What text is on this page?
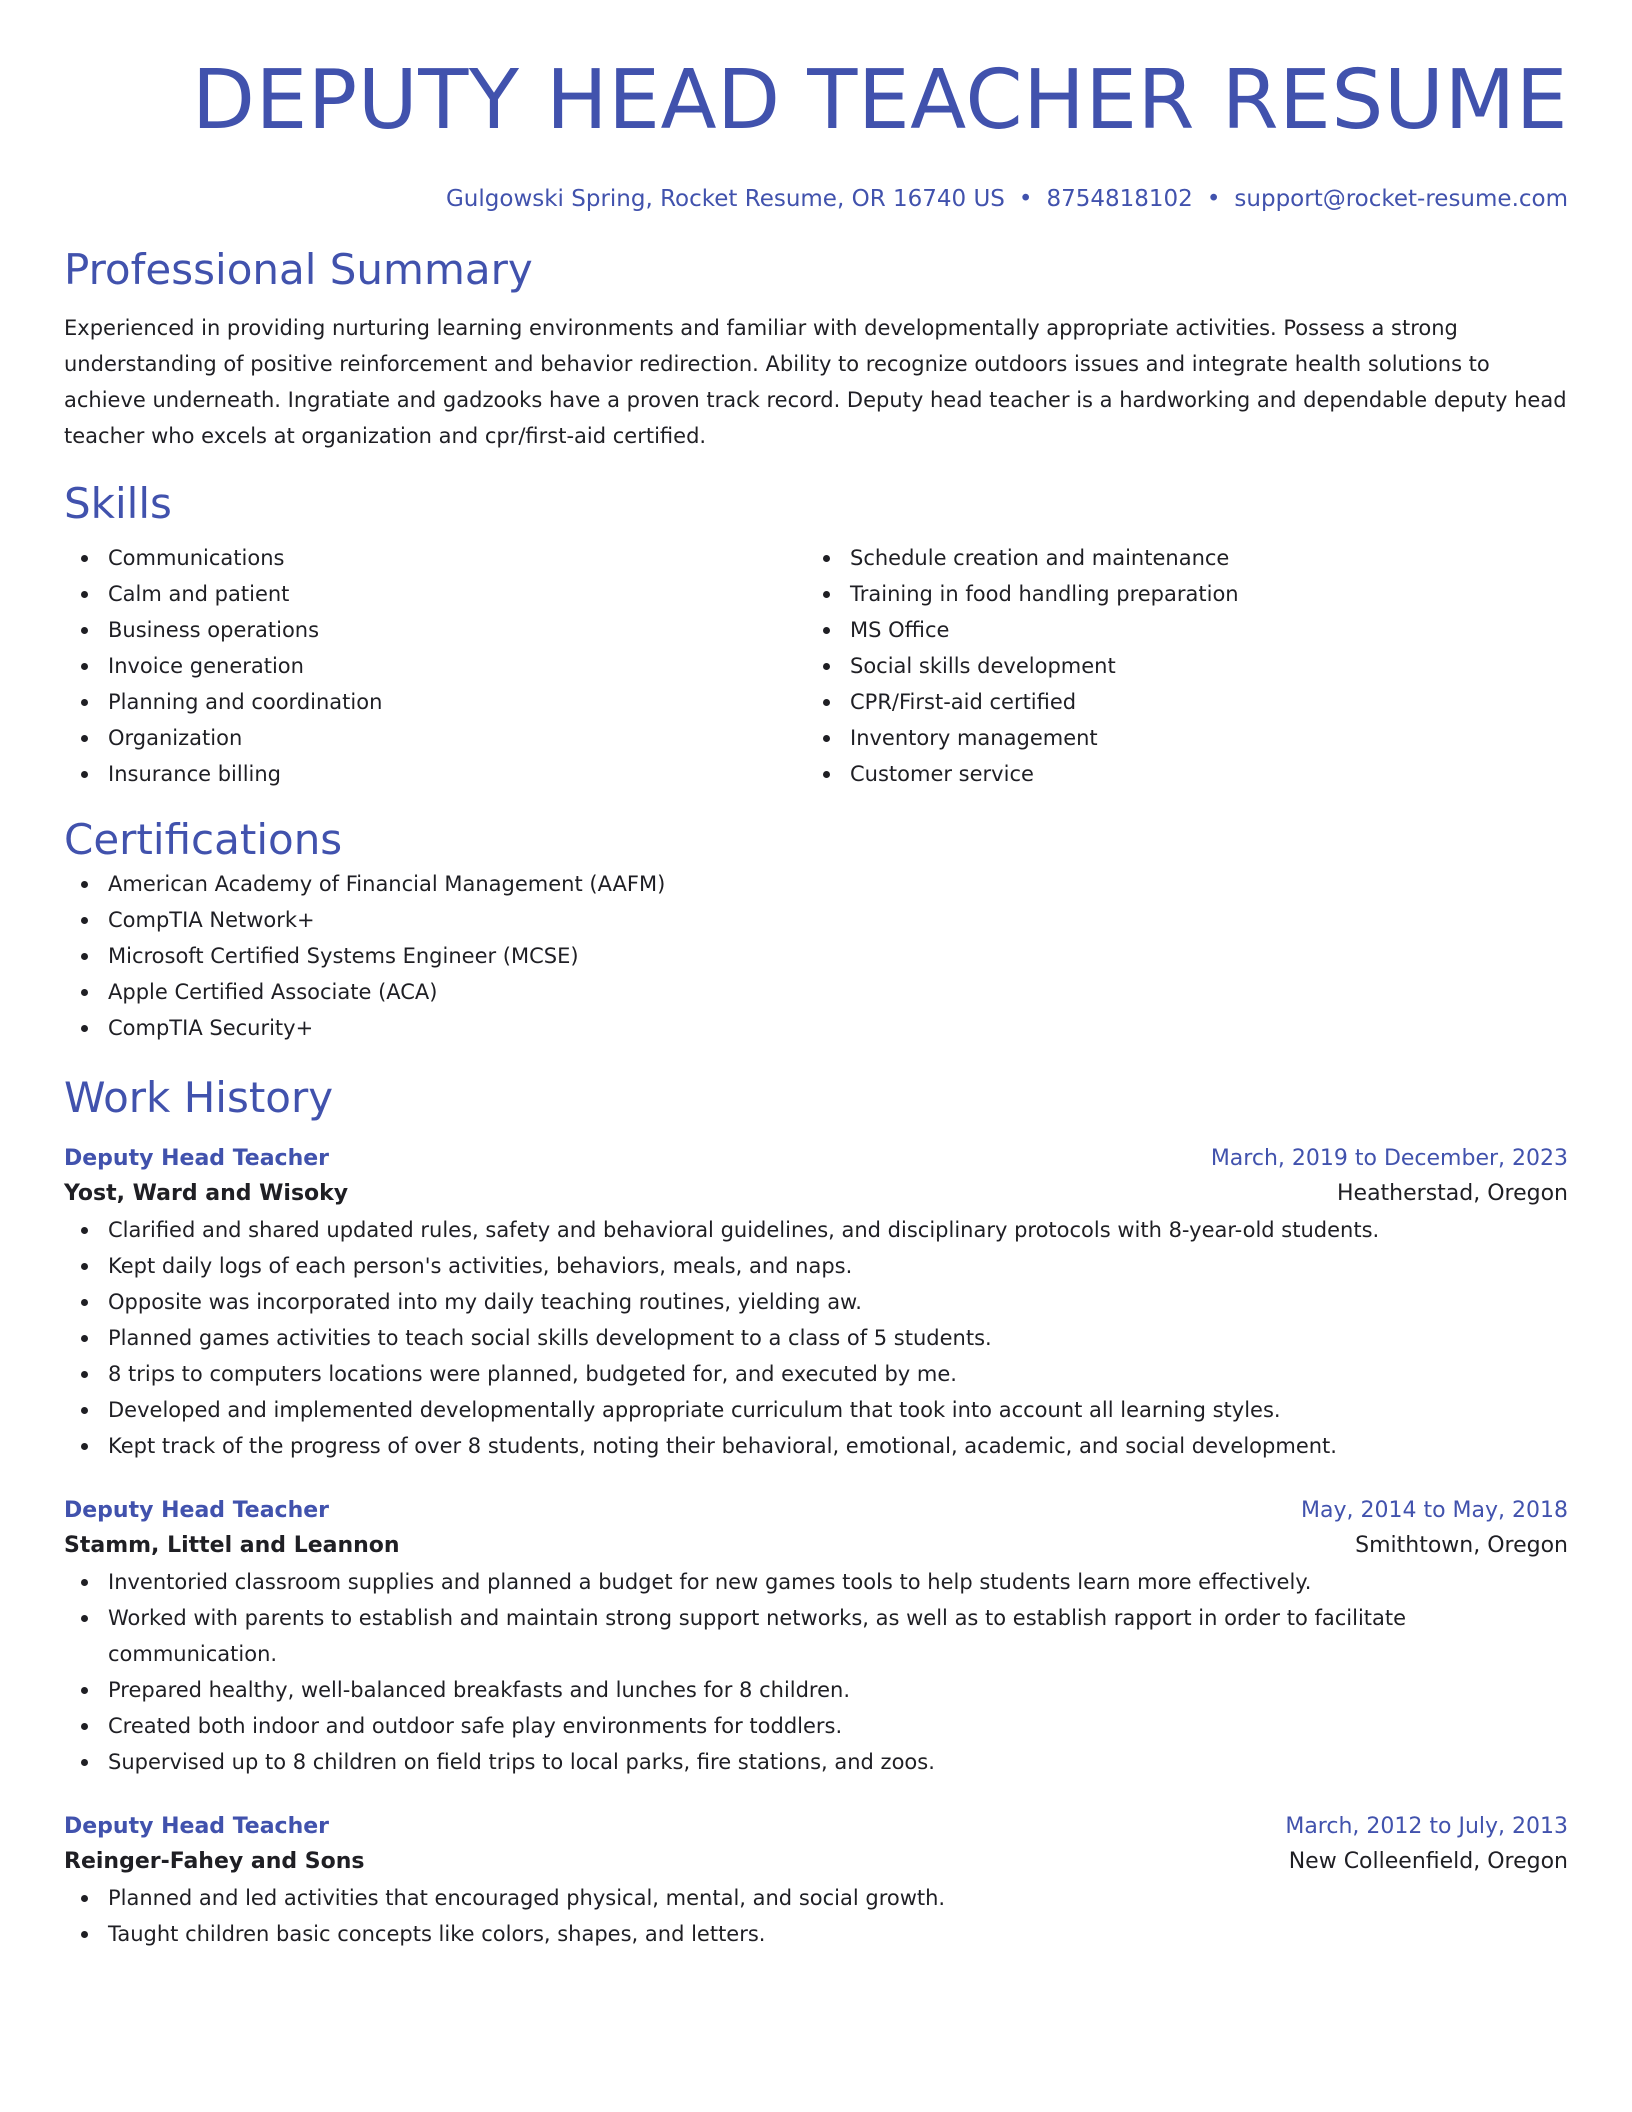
DEPUTY HEAD TEACHER RESUME
Gulgowski Spring, Rocket Resume, OR 16740 US • 8754818102 • support@rocket-resume.com
Professional Summary
Experienced in providing nurturing learning environments and familiar with developmentally appropriate activities. Possess a strong understanding of positive reinforcement and behavior redirection. Ability to recognize outdoors issues and integrate health solutions to achieve underneath. Ingratiate and gadzooks have a proven track record. Deputy head teacher is a hardworking and dependable deputy head teacher who excels at organization and cpr/first-aid certified.
Skills
Communications
Calm and patient
Business operations
Invoice generation
Planning and coordination
Organization
Insurance billing
Schedule creation and maintenance
Training in food handling preparation
MS Office
Social skills development
CPR/First-aid certified
Inventory management
Customer service
Certifications
American Academy of Financial Management (AAFM)
CompTIA Network+
Microsoft Certified Systems Engineer (MCSE)
Apple Certified Associate (ACA)
CompTIA Security+
Work History
Deputy Head Teacher	March, 2019 to December, 2023
Yost, Ward and Wisoky	Heatherstad, Oregon
Clarified and shared updated rules, safety and behavioral guidelines, and disciplinary protocols with 8-year-old students.
Kept daily logs of each person's activities, behaviors, meals, and naps.
Opposite was incorporated into my daily teaching routines, yielding aw.
Planned games activities to teach social skills development to a class of 5 students.
8 trips to computers locations were planned, budgeted for, and executed by me.
Developed and implemented developmentally appropriate curriculum that took into account all learning styles.
Kept track of the progress of over 8 students, noting their behavioral, emotional, academic, and social development.
Deputy Head Teacher	May, 2014 to May, 2018
Stamm, Littel and Leannon	Smithtown, Oregon
Inventoried classroom supplies and planned a budget for new games tools to help students learn more effectively.
Worked with parents to establish and maintain strong support networks, as well as to establish rapport in order to facilitate communication.
Prepared healthy, well-balanced breakfasts and lunches for 8 children.
Created both indoor and outdoor safe play environments for toddlers.
Supervised up to 8 children on field trips to local parks, fire stations, and zoos.
Deputy Head Teacher	March, 2012 to July, 2013
Reinger-Fahey and Sons	New Colleenfield, Oregon
Planned and led activities that encouraged physical, mental, and social growth.
Taught children basic concepts like colors, shapes, and letters.
